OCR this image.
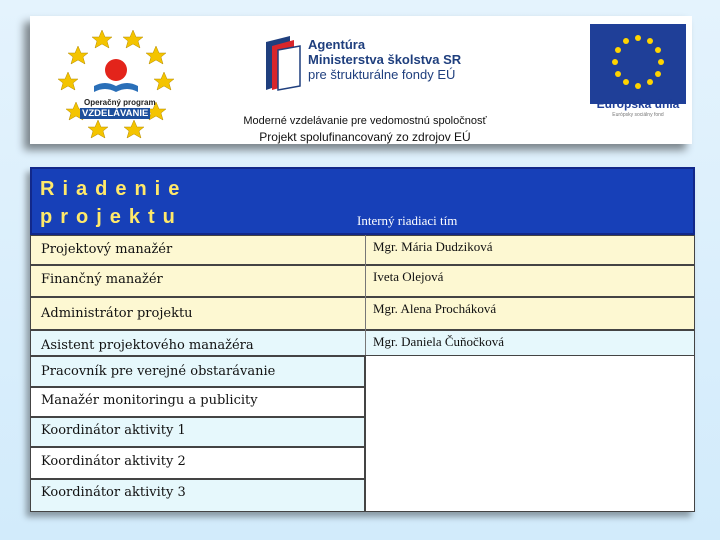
Operačný program
VZDELÁVANIE
Agentúra
Ministerstva školstva SR
pre štrukturálne fondy EÚ
Moderné vzdelávanie pre vedomostnú spoločnosť
Projekt spolufinancovaný zo zdrojov EÚ
Európska únia
Európsky sociálny fond
Riadenie
projektu	Interný riadiaci tím
Projektový manažér	Mgr. Mária Dudziková
Finančný manažér	Iveta Olejová
Administrátor projektu	Mgr. Alena Procháková
Asistent projektového manažéra	Mgr. Daniela Čuňočková
Pracovník pre verejné obstarávanie
Manažér monitoringu a publicity
Koordinátor aktivity 1
Koordinátor aktivity 2
Koordinátor aktivity 3
